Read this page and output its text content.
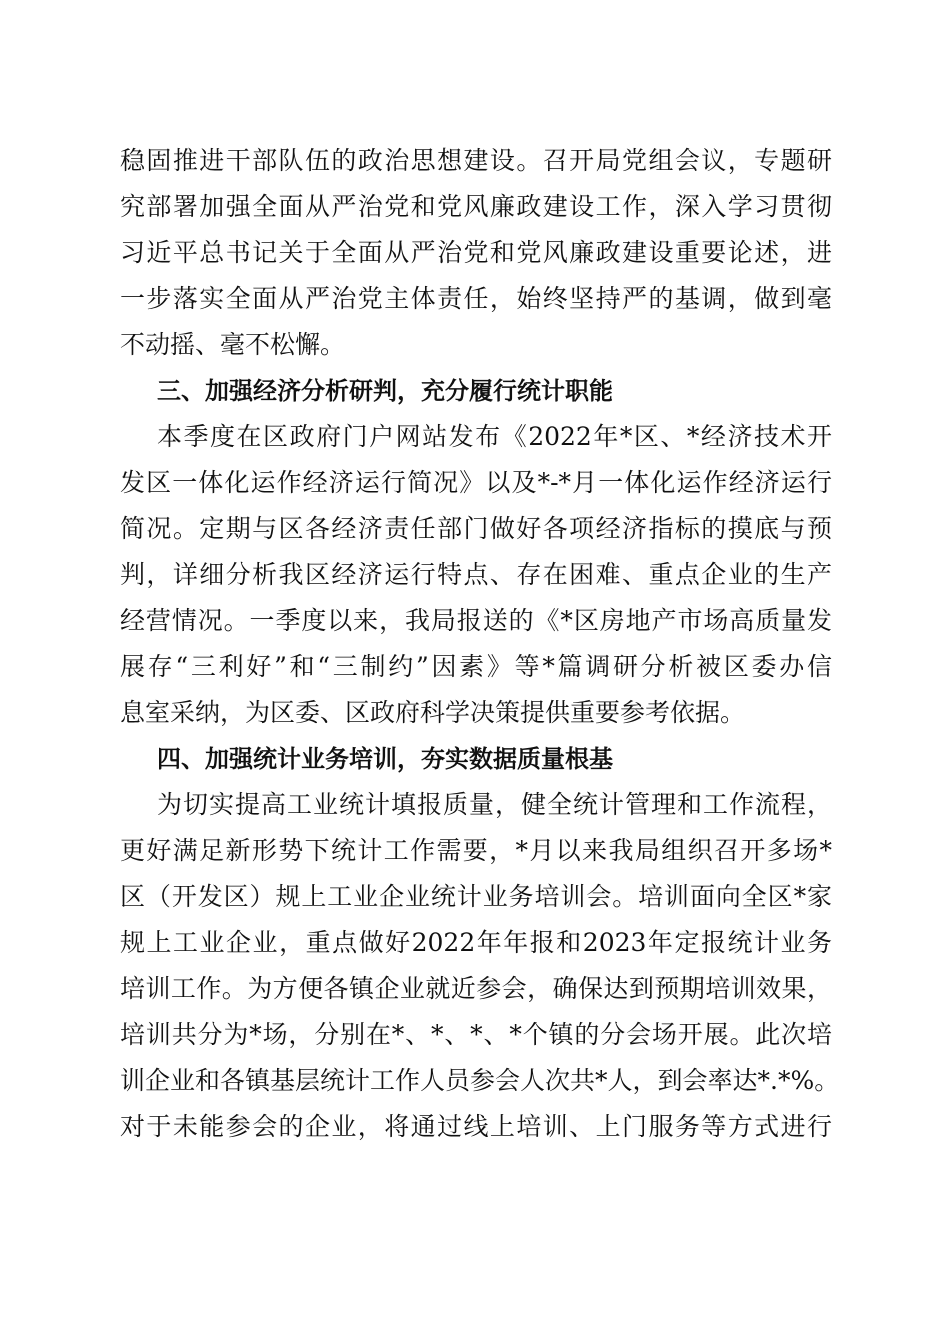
稳固推进干部队伍的政治思想建设。召开局党组会议，专题研
究部署加强全面从严治党和党风廉政建设工作，深入学习贯彻
习近平总书记关于全面从严治党和党风廉政建设重要论述，进
一步落实全面从严治党主体责任，始终坚持严的基调，做到毫
不动摇、毫不松懈。
三、加强经济分析研判，充分履行统计职能
本季度在区政府门户网站发布《2022年*区、*经济技术开
发区一体化运作经济运行简况》以及*-*月一体化运作经济运行
简况。定期与区各经济责任部门做好各项经济指标的摸底与预
判，详细分析我区经济运行特点、存在困难、重点企业的生产
经营情况。一季度以来，我局报送的《*区房地产市场高质量发
展存“三利好”和“三制约”因素》等*篇调研分析被区委办信
息室采纳，为区委、区政府科学决策提供重要参考依据。
四、加强统计业务培训，夯实数据质量根基
为切实提高工业统计填报质量，健全统计管理和工作流程，
更好满足新形势下统计工作需要，*月以来我局组织召开多场*
区（开发区）规上工业企业统计业务培训会。培训面向全区*家
规上工业企业，重点做好2022年年报和2023年定报统计业务
培训工作。为方便各镇企业就近参会，确保达到预期培训效果，
培训共分为*场，分别在*、*、*、*个镇的分会场开展。此次培
训企业和各镇基层统计工作人员参会人次共*人，到会率达*.*%。
对于未能参会的企业，将通过线上培训、上门服务等方式进行
